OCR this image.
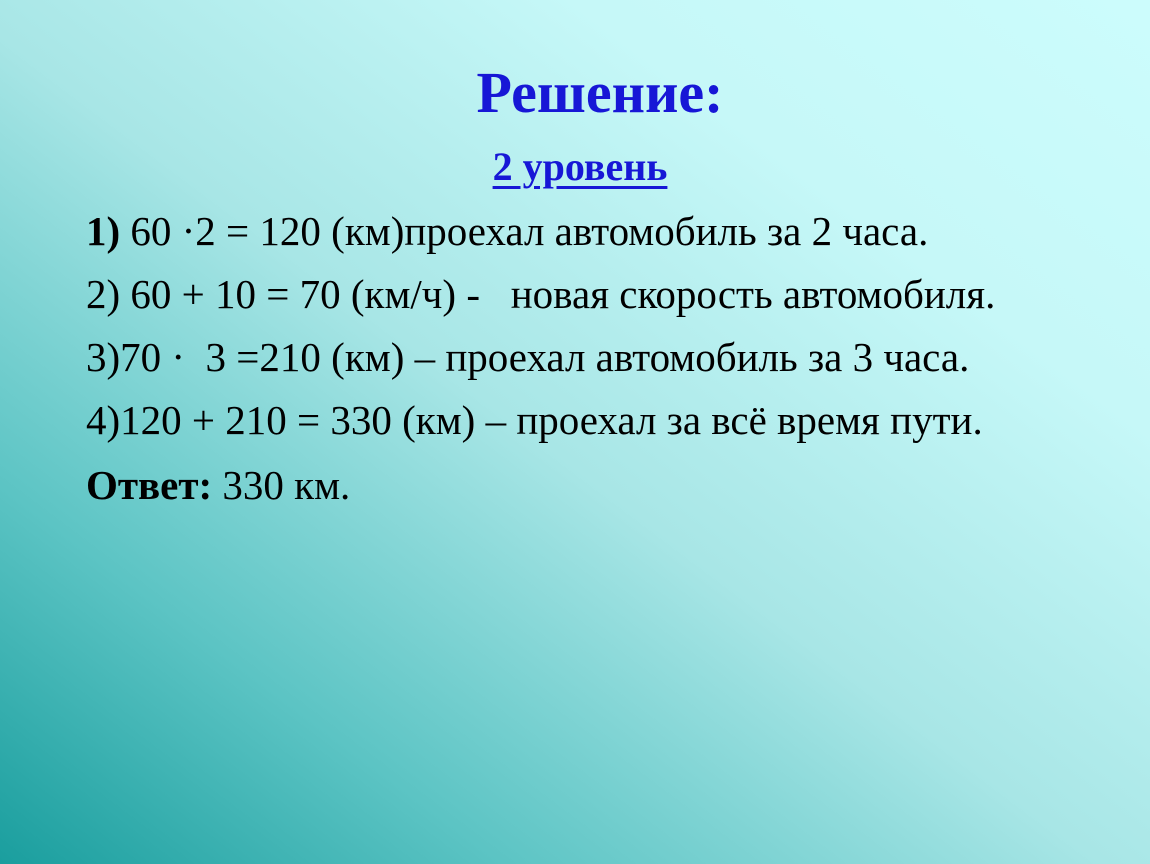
Решение:
2 уровень
1) 60 ·2 = 120 (км)проехал автомобиль за 2 часа.
2) 60 + 10 = 70 (км/ч) -   новая скорость автомобиля.
3)70 ·  3 =210 (км) – проехал автомобиль за 3 часа.
4)120 + 210 = 330 (км) – проехал за всё время пути.
Ответ: 330 км.
